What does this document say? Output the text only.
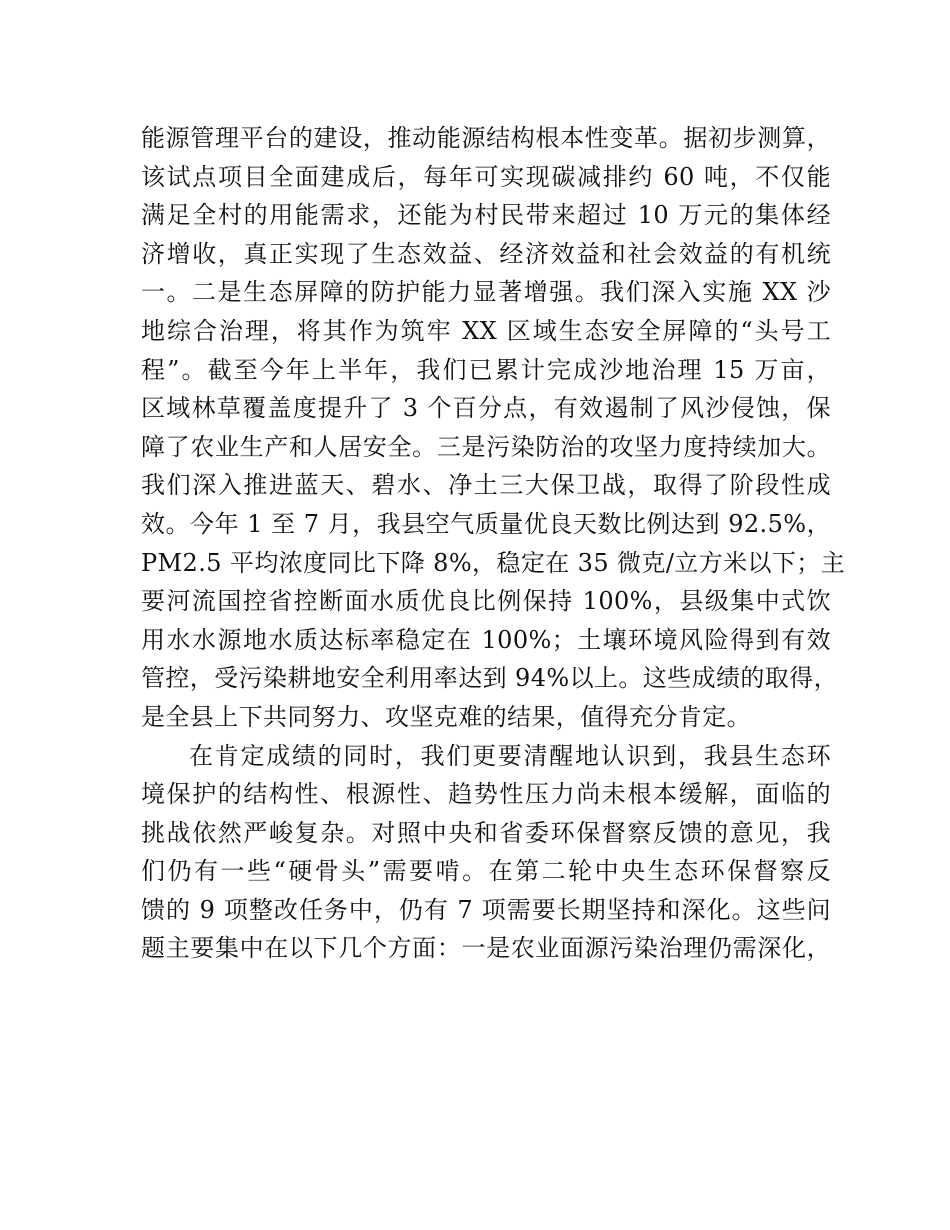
能源管理平台的建设，推动能源结构根本性变革。据初步测算，
该试点项目全面建成后，每年可实现碳减排约 60 吨，不仅能
满足全村的用能需求，还能为村民带来超过 10 万元的集体经
济增收，真正实现了生态效益、经济效益和社会效益的有机统
一。二是生态屏障的防护能力显著增强。我们深入实施 XX 沙
地综合治理，将其作为筑牢 XX 区域生态安全屏障的“头号工
程”。截至今年上半年，我们已累计完成沙地治理 15 万亩，
区域林草覆盖度提升了 3 个百分点，有效遏制了风沙侵蚀，保
障了农业生产和人居安全。三是污染防治的攻坚力度持续加大。
我们深入推进蓝天、碧水、净土三大保卫战，取得了阶段性成
效。今年 1 至 7 月，我县空气质量优良天数比例达到 92.5%，
PM2.5 平均浓度同比下降 8%，稳定在 35 微克/立方米以下；主
要河流国控省控断面水质优良比例保持 100%，县级集中式饮
用水水源地水质达标率稳定在 100%；土壤环境风险得到有效
管控，受污染耕地安全利用率达到 94%以上。这些成绩的取得，
是全县上下共同努力、攻坚克难的结果，值得充分肯定。
在肯定成绩的同时，我们更要清醒地认识到，我县生态环
境保护的结构性、根源性、趋势性压力尚未根本缓解，面临的
挑战依然严峻复杂。对照中央和省委环保督察反馈的意见，我
们仍有一些“硬骨头”需要啃。在第二轮中央生态环保督察反
馈的 9 项整改任务中，仍有 7 项需要长期坚持和深化。这些问
题主要集中在以下几个方面：一是农业面源污染治理仍需深化，
